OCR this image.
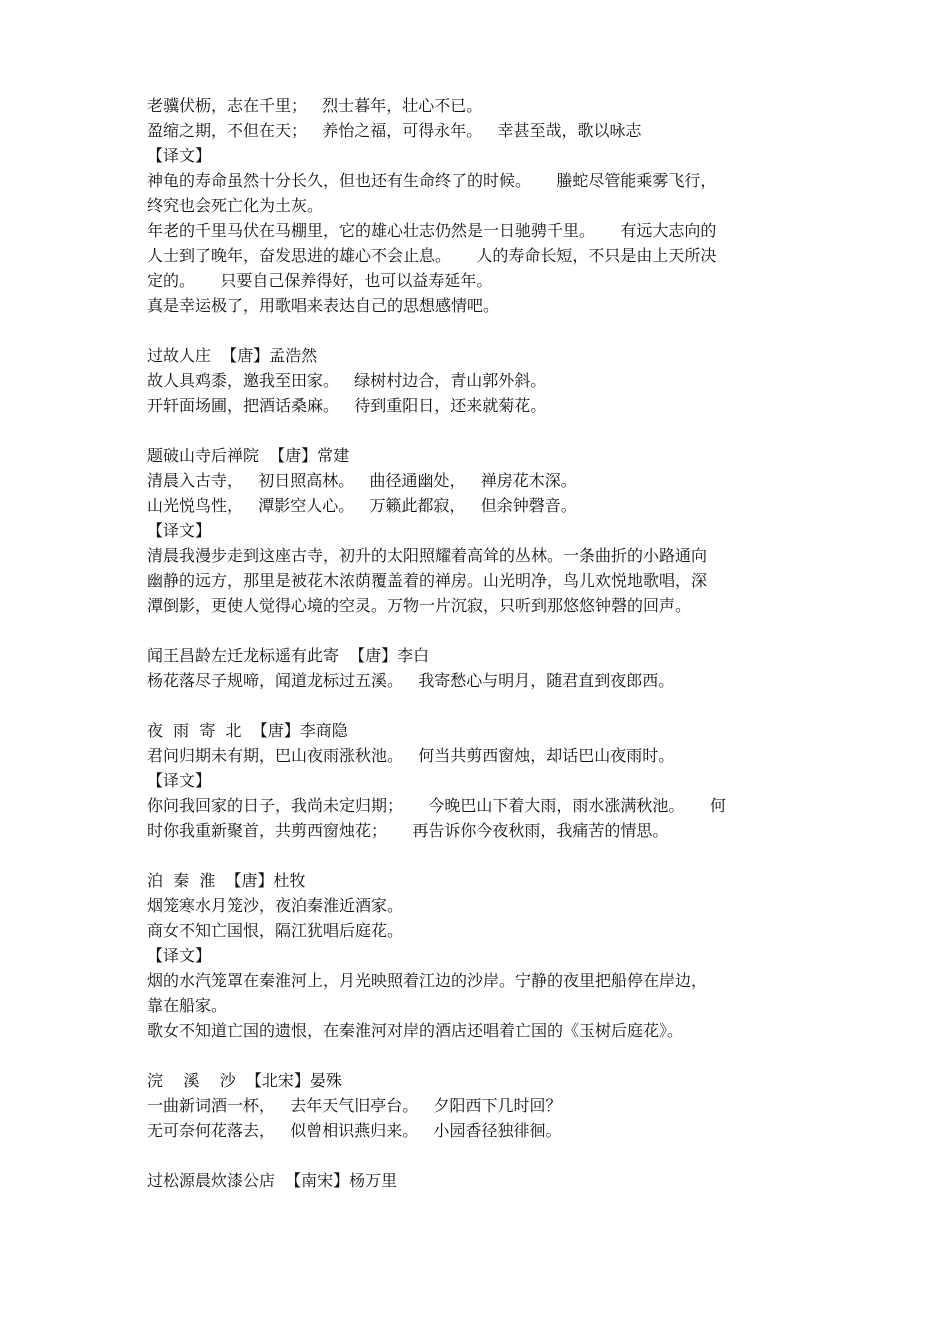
老骥伏枥，志在千里；   烈士暮年，壮心不已。
盈缩之期，不但在天；   养怡之福，可得永年。   幸甚至哉，歌以咏志
【译文】
神龟的寿命虽然十分长久，但也还有生命终了的时候。     螣蛇尽管能乘雾飞行，
终究也会死亡化为土灰。
年老的千里马伏在马棚里，它的雄心壮志仍然是一日驰骋千里。     有远大志向的
人士到了晚年，奋发思进的雄心不会止息。     人的寿命长短，不只是由上天所决
定的。     只要自己保养得好，也可以益寿延年。
真是幸运极了，用歌唱来表达自己的思想感情吧。
过故人庄  【唐】孟浩然
故人具鸡黍，邀我至田家。   绿树村边合，青山郭外斜。
开轩面场圃，把酒话桑麻。   待到重阳日，还来就菊花。
题破山寺后禅院  【唐】常建
清晨入古寺，   初日照高林。   曲径通幽处，   禅房花木深。
山光悦鸟性，   潭影空人心。   万籁此都寂，   但余钟磬音。
【译文】
清晨我漫步走到这座古寺，初升的太阳照耀着高耸的丛林。一条曲折的小路通向
幽静的远方，那里是被花木浓荫覆盖着的禅房。山光明净，鸟儿欢悦地歌唱，深
潭倒影，更使人觉得心境的空灵。万物一片沉寂，只听到那悠悠钟磬的回声。
闻王昌龄左迁龙标遥有此寄  【唐】李白
杨花落尽子规啼，闻道龙标过五溪。   我寄愁心与明月，随君直到夜郎西。
夜  雨  寄  北  【唐】李商隐
君问归期未有期，巴山夜雨涨秋池。   何当共剪西窗烛，却话巴山夜雨时。
【译文】
你问我回家的日子，我尚未定归期；     今晚巴山下着大雨，雨水涨满秋池。     何
时你我重新聚首，共剪西窗烛花；     再告诉你今夜秋雨，我痛苦的情思。
泊  秦  淮  【唐】杜牧
烟笼寒水月笼沙，夜泊秦淮近酒家。
商女不知亡国恨，隔江犹唱后庭花。
【译文】
烟的水汽笼罩在秦淮河上，月光映照着江边的沙岸。宁静的夜里把船停在岸边，
靠在船家。
歌女不知道亡国的遗恨，在秦淮河对岸的酒店还唱着亡国的《玉树后庭花》。
浣    溪    沙  【北宋】晏殊
一曲新词酒一杯，   去年天气旧亭台。   夕阳西下几时回？
无可奈何花落去，   似曾相识燕归来。   小园香径独徘徊。
过松源晨炊漆公店  【南宋】杨万里
